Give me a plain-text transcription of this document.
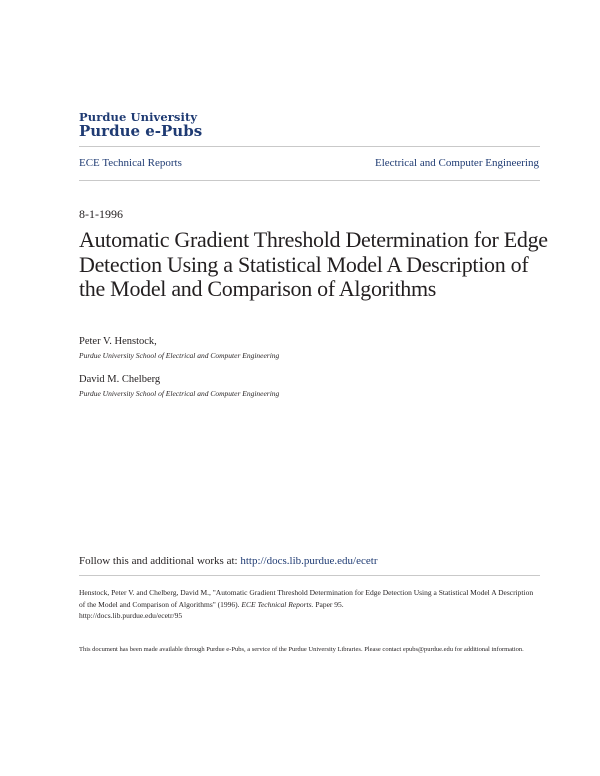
Purdue University
Purdue e-Pubs
ECE Technical Reports	Electrical and Computer Engineering
8-1-1996
Automatic Gradient Threshold Determination for Edge Detection Using a Statistical Model A Description of the Model and Comparison of Algorithms
Peter V. Henstock,
Purdue University School of Electrical and Computer Engineering
David M. Chelberg
Purdue University School of Electrical and Computer Engineering
Follow this and additional works at: http://docs.lib.purdue.edu/ecetr
Henstock, Peter V. and Chelberg, David M., "Automatic Gradient Threshold Determination for Edge Detection Using a Statistical Model A Description of the Model and Comparison of Algorithms" (1996). ECE Technical Reports. Paper 95.
http://docs.lib.purdue.edu/ecetr/95
This document has been made available through Purdue e-Pubs, a service of the Purdue University Libraries. Please contact epubs@purdue.edu for additional information.
